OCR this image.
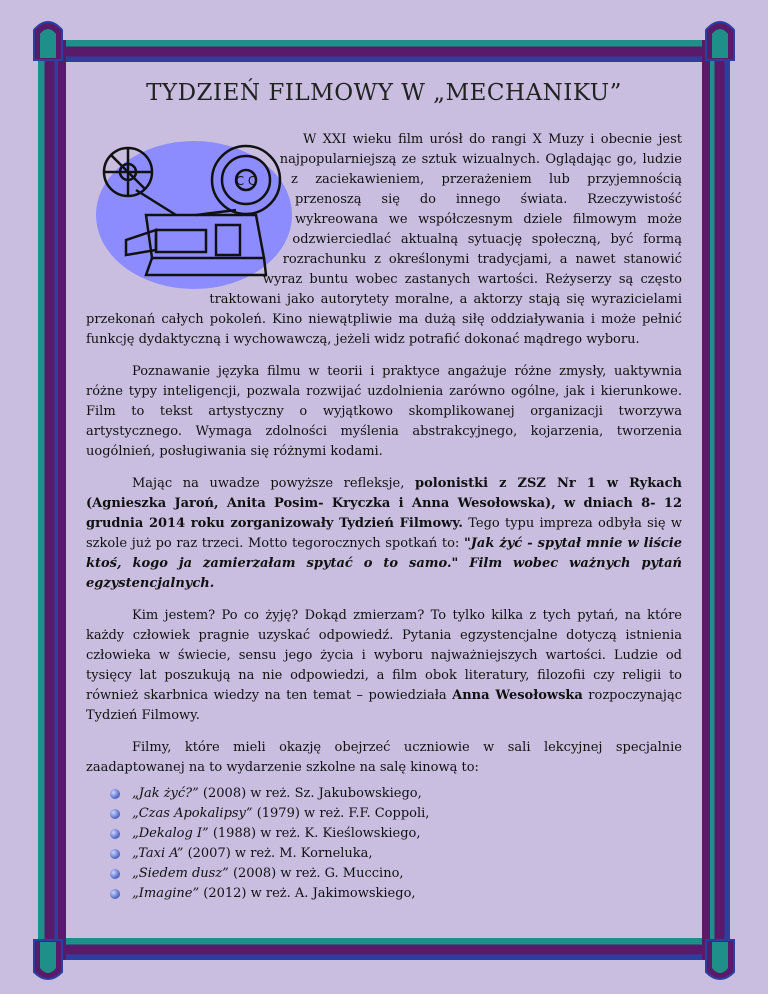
TYDZIEŃ FILMOWY W „MECHANIKU”
C C

W XXI wieku film urósł do rangi X Muzy i obecnie jest najpopularniejszą ze sztuk wizualnych. Oglądając go, ludzie z zaciekawieniem, przerażeniem lub przyjemnością przenoszą się do innego świata. Rzeczywistość wykreowana we współczesnym dziele filmowym może odzwierciedlać aktualną sytuację społeczną, być formą rozrachunku z określonymi tradycjami, a nawet stanowić wyraz buntu wobec zastanych wartości. Reżyserzy są często traktowani jako autorytety moralne, a aktorzy stają się wyrazicielami przekonań całych pokoleń. Kino niewątpliwie ma dużą siłę oddziaływania i może pełnić funkcję dydaktyczną i wychowawczą, jeżeli widz potrafić dokonać mądrego wyboru.

Poznawanie języka filmu w teorii i praktyce angażuje różne zmysły, uaktywnia różne typy inteligencji, pozwala rozwijać uzdolnienia zarówno ogólne, jak i kierunkowe. Film to tekst artystyczny o wyjątkowo skomplikowanej organizacji tworzywa artystycznego. Wymaga zdolności myślenia abstrakcyjnego, kojarzenia, tworzenia uogólnień, posługiwania się różnymi kodami.

Mając na uwadze powyższe refleksje, polonistki z ZSZ Nr 1 w Rykach (Agnieszka Jaroń, Anita Posim- Kryczka i Anna Wesołowska), w dniach 8- 12 grudnia 2014 roku zorganizowały Tydzień Filmowy. Tego typu impreza odbyła się w szkole już po raz trzeci. Motto tegorocznych spotkań to: "Jak żyć - spytał mnie w liście ktoś, kogo ja zamierzałam spytać o to samo." Film wobec ważnych pytań egzystencjalnych.

Kim jestem? Po co żyję? Dokąd zmierzam? To tylko kilka z tych pytań, na które każdy człowiek pragnie uzyskać odpowiedź. Pytania egzystencjalne dotyczą istnienia człowieka w świecie, sensu jego życia i wyboru najważniejszych wartości. Ludzie od tysięcy lat poszukują na nie odpowiedzi, a film obok literatury, filozofii czy religii to również skarbnica wiedzy na ten temat – powiedziała Anna Wesołowska rozpoczynając Tydzień Filmowy.

Filmy, które mieli okazję obejrzeć uczniowie w sali lekcyjnej specjalnie zaadaptowanej na to wydarzenie szkolne na salę kinową to:

„Jak żyć?” (2008) w reż. Sz. Jakubowskiego,
„Czas Apokalipsy” (1979) w reż. F.F. Coppoli,
„Dekalog I” (1988) w reż. K. Kieślowskiego,
„Taxi A” (2007) w reż. M. Korneluka,
„Siedem dusz” (2008) w reż. G. Muccino,
„Imagine” (2012) w reż. A. Jakimowskiego,
